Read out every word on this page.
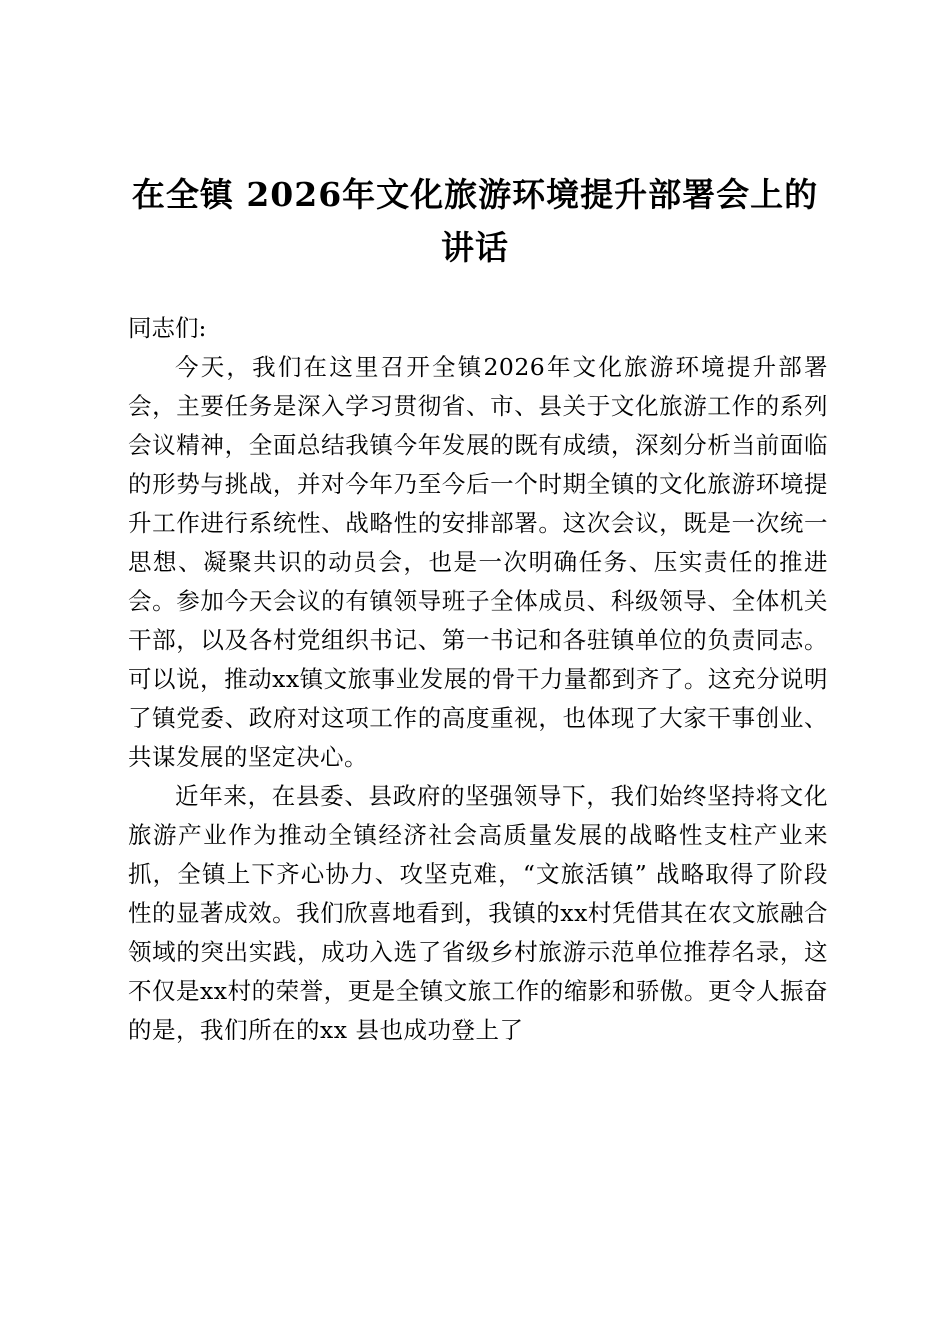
在全镇 2026年文化旅游环境提升部署会上的讲话

同志们:

今天，我们在这里召开全镇2026年文化旅游环境提升部署会，主要任务是深入学习贯彻省、市、县关于文化旅游工作的系列会议精神，全面总结我镇今年发展的既有成绩，深刻分析当前面临的形势与挑战，并对今年乃至今后一个时期全镇的文化旅游环境提升工作进行系统性、战略性的安排部署。这次会议，既是一次统一思想、凝聚共识的动员会，也是一次明确任务、压实责任的推进会。参加今天会议的有镇领导班子全体成员、科级领导、全体机关干部，以及各村党组织书记、第一书记和各驻镇单位的负责同志。可以说，推动xx镇文旅事业发展的骨干力量都到齐了。这充分说明了镇党委、政府对这项工作的高度重视，也体现了大家干事创业、共谋发展的坚定决心。

近年来，在县委、县政府的坚强领导下，我们始终坚持将文化旅游产业作为推动全镇经济社会高质量发展的战略性支柱产业来抓，全镇上下齐心协力、攻坚克难，“文旅活镇” 战略取得了阶段性的显著成效。我们欣喜地看到，我镇的xx村凭借其在农文旅融合领域的突出实践，成功入选了省级乡村旅游示范单位推荐名录，这不仅是xx村的荣誉，更是全镇文旅工作的缩影和骄傲。更令人振奋的是，我们所在的xx 县也成功登上了
